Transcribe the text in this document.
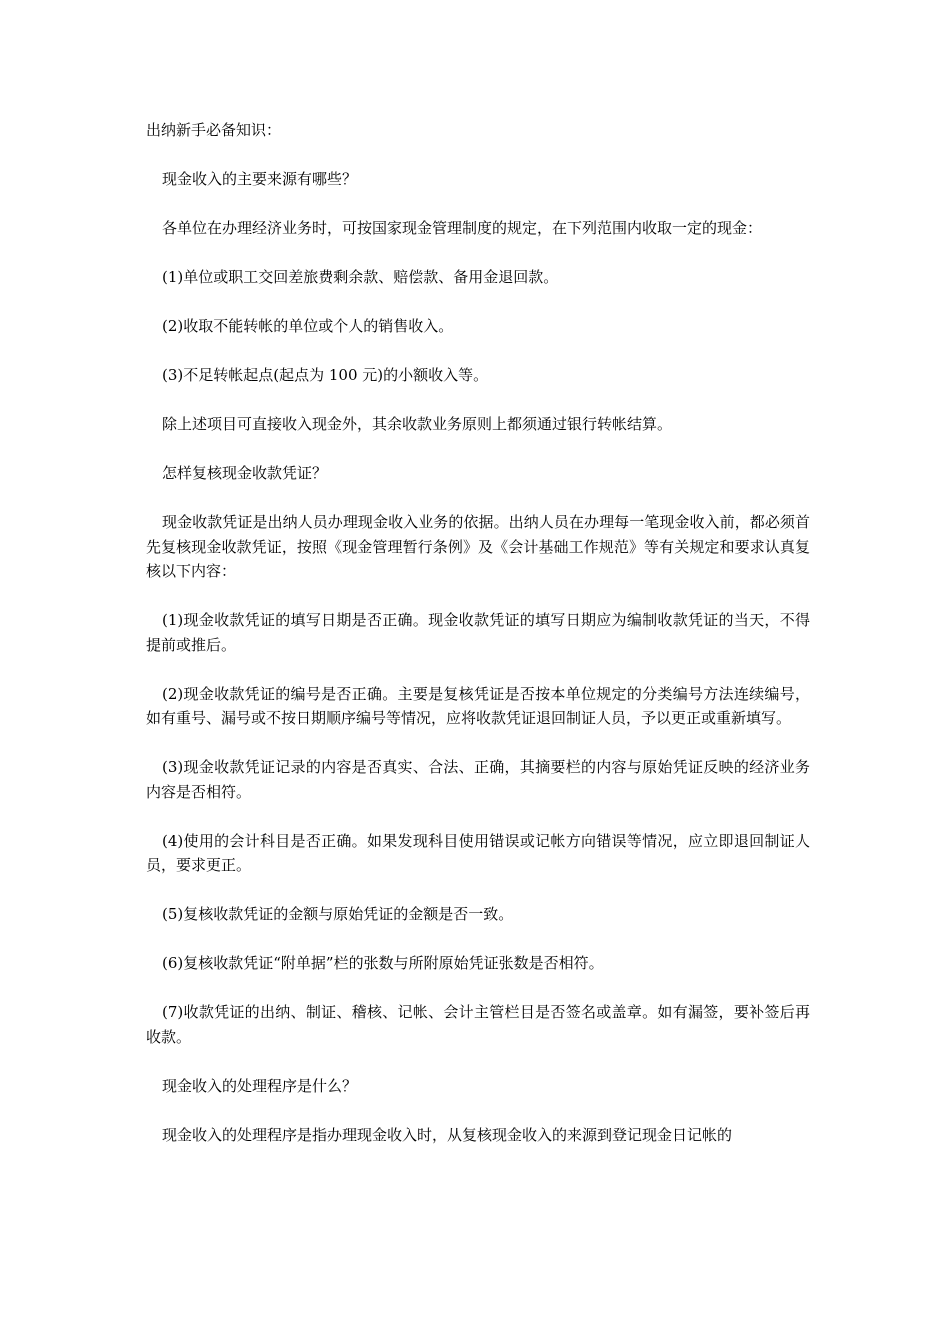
出纳新手必备知识：

现金收入的主要来源有哪些？

各单位在办理经济业务时，可按国家现金管理制度的规定，在下列范围内收取一定的现金：

(1)单位或职工交回差旅费剩余款、赔偿款、备用金退回款。

(2)收取不能转帐的单位或个人的销售收入。

(3)不足转帐起点(起点为 100 元)的小额收入等。

除上述项目可直接收入现金外，其余收款业务原则上都须通过银行转帐结算。

怎样复核现金收款凭证？

现金收款凭证是出纳人员办理现金收入业务的依据。出纳人员在办理每一笔现金收入前，都必须首先复核现金收款凭证，按照《现金管理暂行条例》及《会计基础工作规范》等有关规定和要求认真复核以下内容：

(1)现金收款凭证的填写日期是否正确。现金收款凭证的填写日期应为编制收款凭证的当天，不得提前或推后。

(2)现金收款凭证的编号是否正确。主要是复核凭证是否按本单位规定的分类编号方法连续编号，如有重号、漏号或不按日期顺序编号等情况，应将收款凭证退回制证人员，予以更正或重新填写。

(3)现金收款凭证记录的内容是否真实、合法、正确，其摘要栏的内容与原始凭证反映的经济业务内容是否相符。

(4)使用的会计科目是否正确。如果发现科目使用错误或记帐方向错误等情况，应立即退回制证人员，要求更正。

(5)复核收款凭证的金额与原始凭证的金额是否一致。

(6)复核收款凭证“附单据”栏的张数与所附原始凭证张数是否相符。

(7)收款凭证的出纳、制证、稽核、记帐、会计主管栏目是否签名或盖章。如有漏签，要补签后再收款。

现金收入的处理程序是什么？

现金收入的处理程序是指办理现金收入时，从复核现金收入的来源到登记现金日记帐的
